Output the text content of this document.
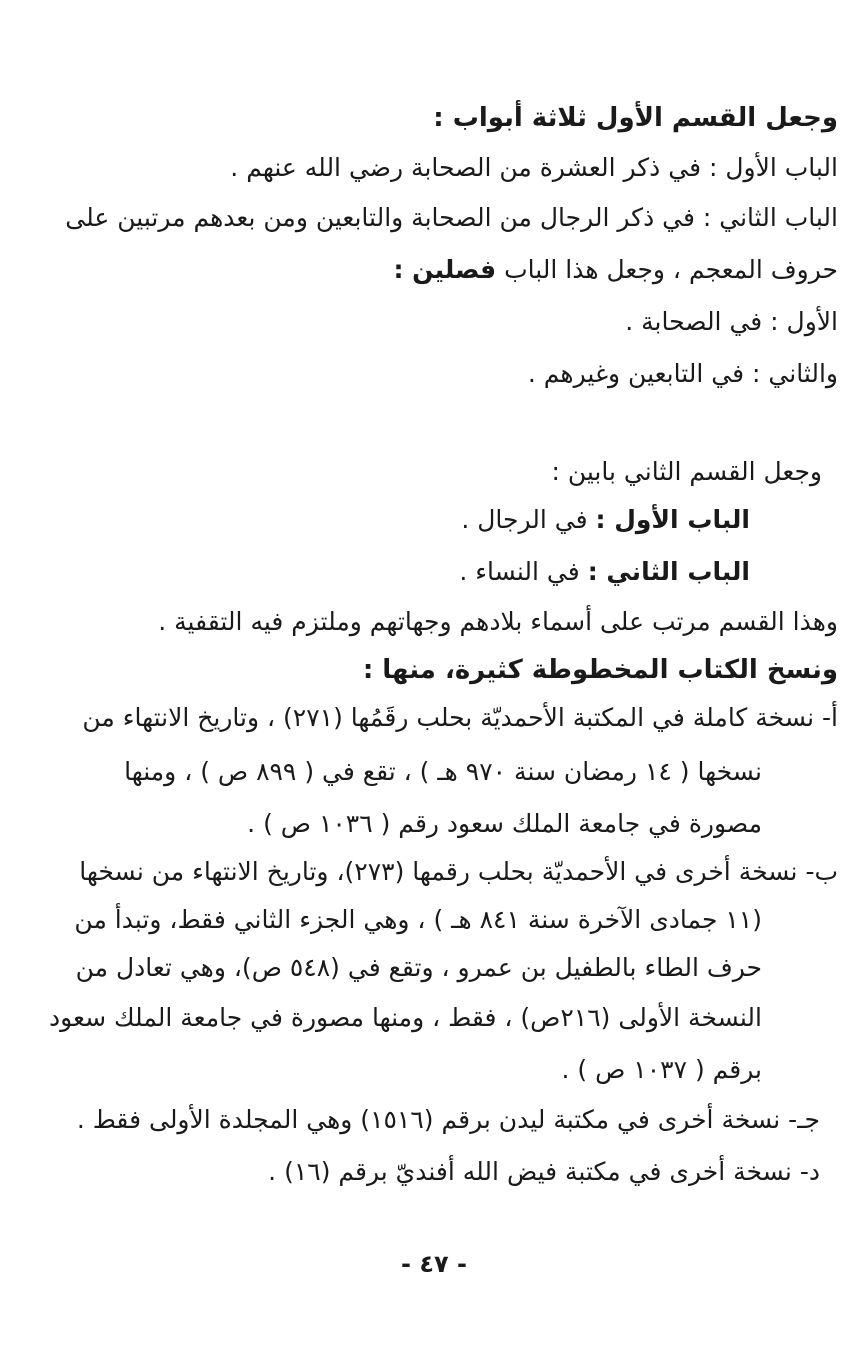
وجعل القسم الأول ثلاثة أبواب :
الباب الأول : في ذكر العشرة من الصحابة رضي الله عنهم .
الباب الثاني : في ذكر الرجال من الصحابة والتابعين ومن بعدهم مرتبين على
حروف المعجم ، وجعل هذا الباب فصلين :
الأول : في الصحابة .
والثاني : في التابعين وغيرهم .
وجعل القسم الثاني بابين :
الباب الأول : في الرجال .
الباب الثاني : في النساء .
وهذا القسم مرتب على أسماء بلادهم وجهاتهم وملتزم فيه التقفية .
ونسخ الكتاب المخطوطة كثيرة، منها :
أ- نسخة كاملة في المكتبة الأحمديّة بحلب رقَمُها (٢٧١) ، وتاريخ الانتهاء من
نسخها ( ١٤ رمضان سنة ٩٧٠ هـ ) ، تقع في ( ٨٩٩ ص ) ، ومنها
مصورة في جامعة الملك سعود رقم ( ١٠٣٦ ص ) .
ب- نسخة أخرى في الأحمديّة بحلب رقمها (٢٧٣)، وتاريخ الانتهاء من نسخها
(١١ جمادى الآخرة سنة ٨٤١ هـ ) ، وهي الجزء الثاني فقط، وتبدأ من
حرف الطاء بالطفيل بن عمرو ، وتقع في (٥٤٨ ص)، وهي تعادل من
النسخة الأولى (٢١٦ص) ، فقط ، ومنها مصورة في جامعة الملك سعود
برقم ( ١٠٣٧ ص ) .
جـ- نسخة أخرى في مكتبة ليدن برقم (١٥١٦) وهي المجلدة الأولى فقط .
د- نسخة أخرى في مكتبة فيض الله أفنديّ برقم (١٦) .
- ٤٧ -
